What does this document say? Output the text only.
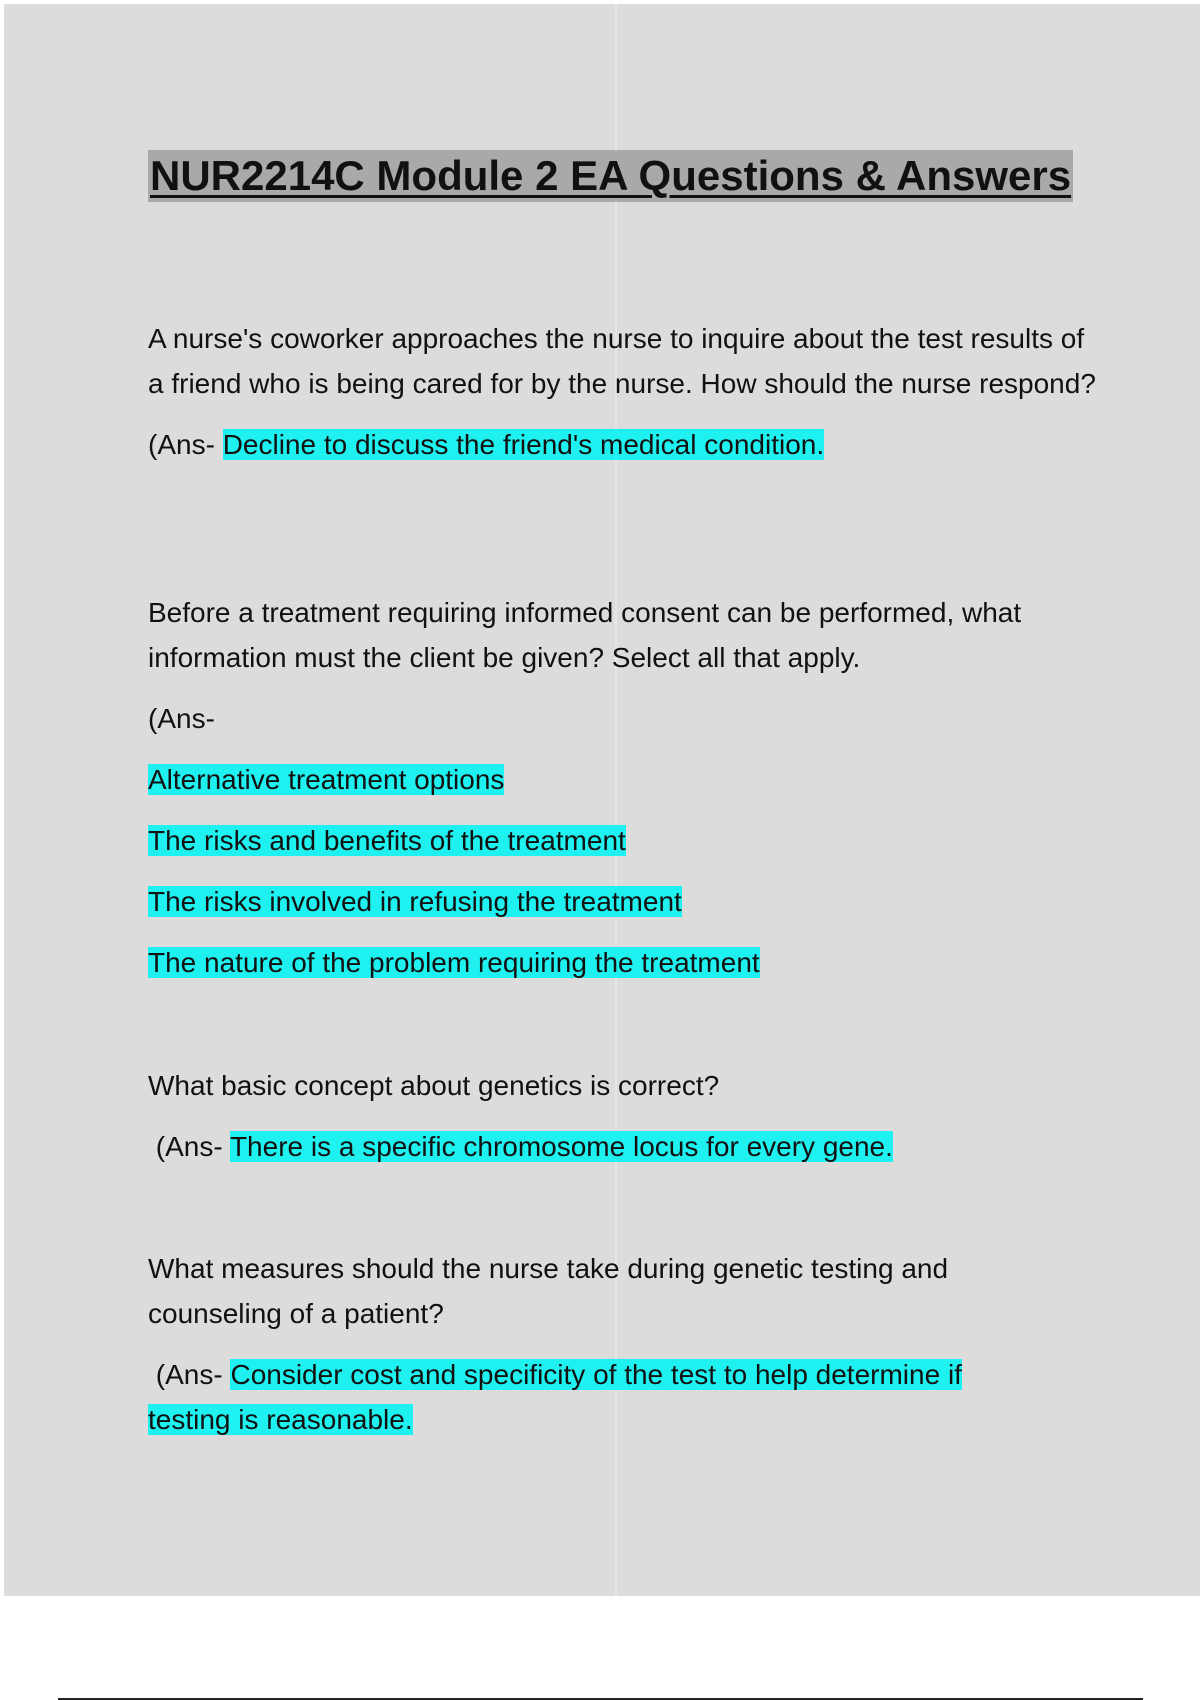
NUR2214C Module 2 EA Questions & Answers

A nurse's coworker approaches the nurse to inquire about the test results of a friend who is being cared for by the nurse. How should the nurse respond?

(Ans- Decline to discuss the friend's medical condition.

Before a treatment requiring informed consent can be performed, what information must the client be given? Select all that apply.

(Ans-

Alternative treatment options
The risks and benefits of the treatment
The risks involved in refusing the treatment
The nature of the problem requiring the treatment

What basic concept about genetics is correct?

(Ans- There is a specific chromosome locus for every gene.

What measures should the nurse take during genetic testing and counseling of a patient?

(Ans- Consider cost and specificity of the test to help determine if testing is reasonable.
